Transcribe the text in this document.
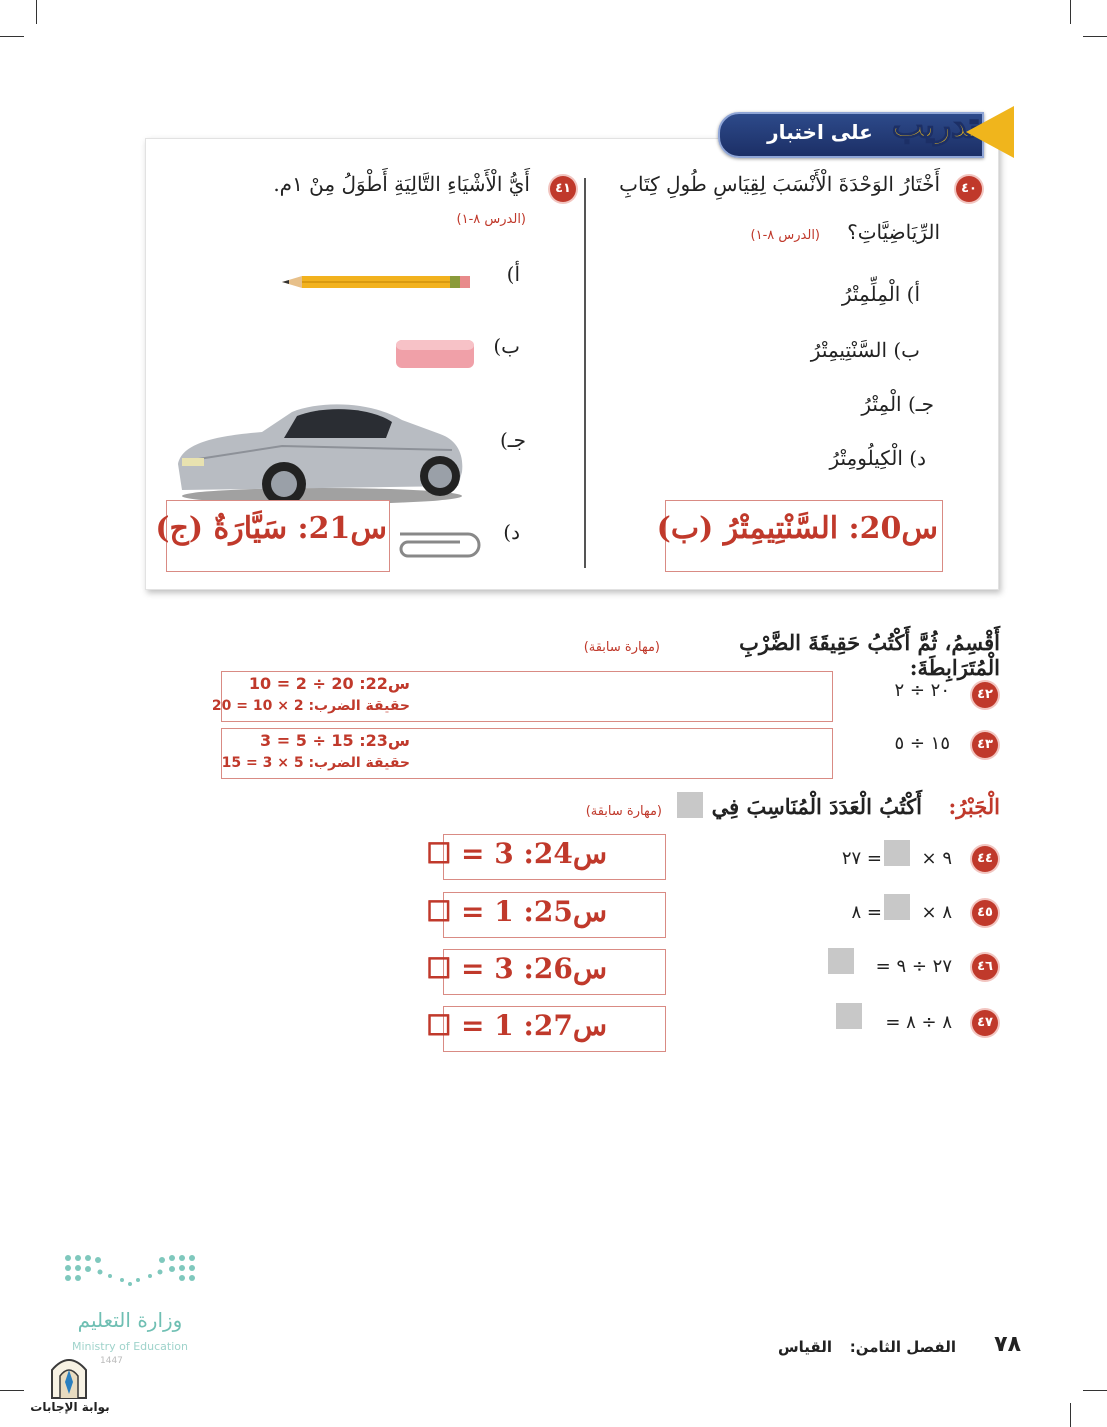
على اختبار تدريب
٤٠
أَخْتَارُ الوَحْدَةَ الْأَنْسَبَ لِقِيَاسِ طُولِ كِتَابِ
الرِّيَاضِيَّاتِ؟
(الدرس ٨-١)
أ) الْمِلِّمِتْرُ
ب) السَّنْتِيمِتْرُ
جـ) الْمِتْرُ
د) الْكِيلُومِتْرُ
س20: السَّنْتِيمِتْرُ (ب)
٤١
أَيُّ الْأَشْيَاءِ التَّالِيَةِ أَطْوَلُ مِنْ ١م.
(الدرس ٨-١)
أ)
ب)
جـ)
د)
س21: سَيَّارَةٌ (ج)
أَقْسِمُ، ثُمَّ أَكْتُبُ حَقِيقَةَ الضَّرْبِ الْمُتَرَابِطَةَ:
(مهارة سابقة)
٤٢
٢٠ ÷ ٢
س22: 20 ÷ 2 = 10
حقيقة الضرب: 2 × 10 = 20
٤٣
١٥ ÷ ٥
س23: 15 ÷ 5 = 3
حقيقة الضرب: 5 × 3 = 15
الْجَبْرُ:
أَكْتُبُ الْعَدَدَ الْمُنَاسِبَ فِي
(مهارة سابقة)
٤٤
٩ ×
= ٢٧
س24: 3 = ☐
٤٥
٨ ×
= ٨
س25: 1 = ☐
٤٦
٢٧ ÷ ٩ =
س26: 3 = ☐
٤٧
٨ ÷ ٨ =
س27: 1 = ☐
وزارة التعليم
Ministry of Education
1447
بوابة الإجابات
٧٨
الفصل الثامن:
القياس
